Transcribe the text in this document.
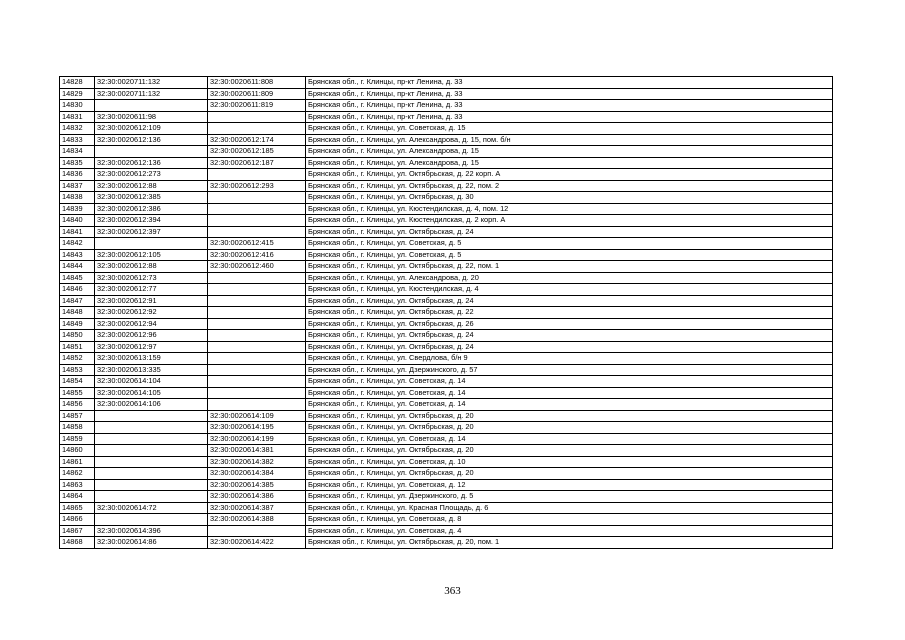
14828	32:30:0020711:132	32:30:0020611:808	Брянская обл., г. Клинцы, пр-кт Ленина, д. 33
14829	32:30:0020711:132	32:30:0020611:809	Брянская обл., г. Клинцы, пр-кт Ленина, д. 33
14830		32:30:0020611:819	Брянская обл., г. Клинцы, пр-кт Ленина, д. 33
14831	32:30:0020611:98		Брянская обл., г. Клинцы, пр-кт Ленина, д. 33
14832	32:30:0020612:109		Брянская обл., г. Клинцы, ул. Советская, д. 15
14833	32:30:0020612:136	32:30:0020612:174	Брянская обл., г. Клинцы, ул. Александрова, д. 15, пом. б/н
14834		32:30:0020612:185	Брянская обл., г. Клинцы, ул. Александрова, д. 15
14835	32:30:0020612:136	32:30:0020612:187	Брянская обл., г. Клинцы, ул. Александрова, д. 15
14836	32:30:0020612:273		Брянская обл., г. Клинцы, ул. Октябрьская, д. 22 корп. А
14837	32:30:0020612:88	32:30:0020612:293	Брянская обл., г. Клинцы, ул. Октябрьская, д. 22, пом. 2
14838	32:30:0020612:385		Брянская обл., г. Клинцы, ул. Октябрьская, д. 30
14839	32:30:0020612:386		Брянская обл., г. Клинцы, ул. Кюстендилская, д. 4, пом. 12
14840	32:30:0020612:394		Брянская обл., г. Клинцы, ул. Кюстендилская, д. 2 корп. А
14841	32:30:0020612:397		Брянская обл., г. Клинцы, ул. Октябрьская, д. 24
14842		32:30:0020612:415	Брянская обл., г. Клинцы, ул. Советская, д. 5
14843	32:30:0020612:105	32:30:0020612:416	Брянская обл., г. Клинцы, ул. Советская, д. 5
14844	32:30:0020612:88	32:30:0020612:460	Брянская обл., г. Клинцы, ул. Октябрьская, д. 22, пом. 1
14845	32:30:0020612:73		Брянская обл., г. Клинцы, ул. Александрова, д. 20
14846	32:30:0020612:77		Брянская обл., г. Клинцы, ул. Кюстендилская, д. 4
14847	32:30:0020612:91		Брянская обл., г. Клинцы, ул. Октябрьская, д. 24
14848	32:30:0020612:92		Брянская обл., г. Клинцы, ул. Октябрьская, д. 22
14849	32:30:0020612:94		Брянская обл., г. Клинцы, ул. Октябрьская, д. 26
14850	32:30:0020612:96		Брянская обл., г. Клинцы, ул. Октябрьская, д. 24
14851	32:30:0020612:97		Брянская обл., г. Клинцы, ул. Октябрьская, д. 24
14852	32:30:0020613:159		Брянская обл., г. Клинцы, ул. Свердлова, б/н 9
14853	32:30:0020613:335		Брянская обл., г. Клинцы, ул. Дзержинского, д. 57
14854	32:30:0020614:104		Брянская обл., г. Клинцы, ул. Советская, д. 14
14855	32:30:0020614:105		Брянская обл., г. Клинцы, ул. Советская, д. 14
14856	32:30:0020614:106		Брянская обл., г. Клинцы, ул. Советская, д. 14
14857		32:30:0020614:109	Брянская обл., г. Клинцы, ул. Октябрьская, д. 20
14858		32:30:0020614:195	Брянская обл., г. Клинцы, ул. Октябрьская, д. 20
14859		32:30:0020614:199	Брянская обл., г. Клинцы, ул. Советская, д. 14
14860		32:30:0020614:381	Брянская обл., г. Клинцы, ул. Октябрьская, д. 20
14861		32:30:0020614:382	Брянская обл., г. Клинцы, ул. Советская, д. 10
14862		32:30:0020614:384	Брянская обл., г. Клинцы, ул. Октябрьская, д. 20
14863		32:30:0020614:385	Брянская обл., г. Клинцы, ул. Советская, д. 12
14864		32:30:0020614:386	Брянская обл., г. Клинцы, ул. Дзержинского, д. 5
14865	32:30:0020614:72	32:30:0020614:387	Брянская обл., г. Клинцы, ул. Красная Площадь, д. 6
14866		32:30:0020614:388	Брянская обл., г. Клинцы, ул. Советская, д. 8
14867	32:30:0020614:396		Брянская обл., г. Клинцы, ул. Советская, д. 4
14868	32:30:0020614:86	32:30:0020614:422	Брянская обл., г. Клинцы, ул. Октябрьская, д. 20, пом. 1
363
